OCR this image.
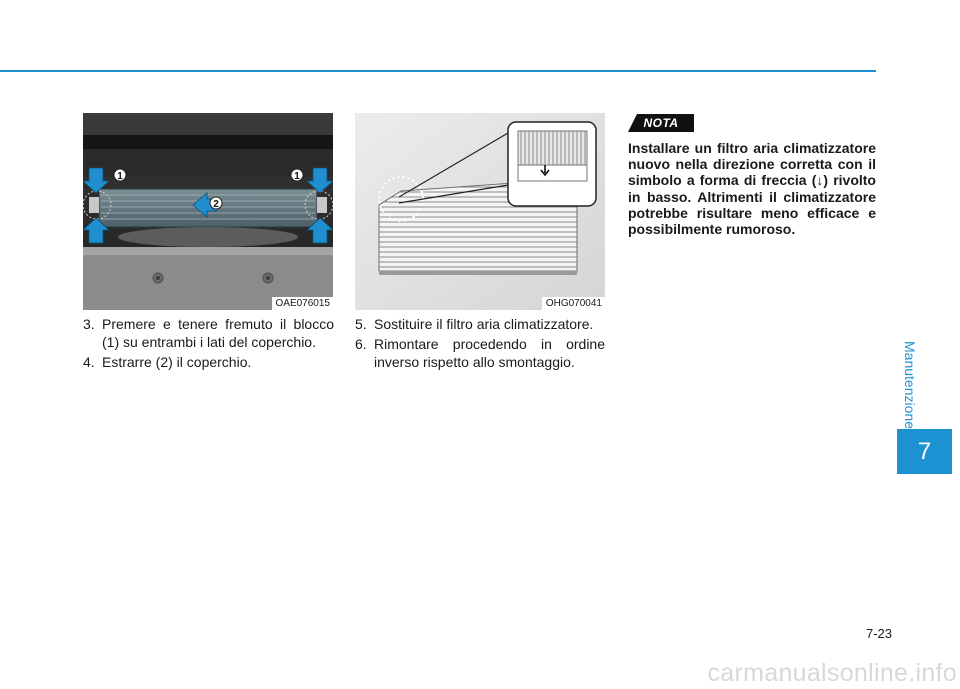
1	1
2
OAE076015	OHG070041
3. Premere e tenere fremuto il blocco (1) su entrambi i lati del coperchio.
4. Estrarre (2) il coperchio.
5. Sostituire il filtro aria climatizzatore.
6. Rimontare procedendo in ordine inverso rispetto allo smontaggio.
NOTA

Installare un filtro aria climatizzatore nuovo nella direzione corretta con il simbolo a forma di freccia (↓) rivolto in basso. Altrimenti il climatizzatore potrebbe risultare meno efficace e possibilmente rumoroso.

Manutenzione
7
7-23
carmanualsonline.info
